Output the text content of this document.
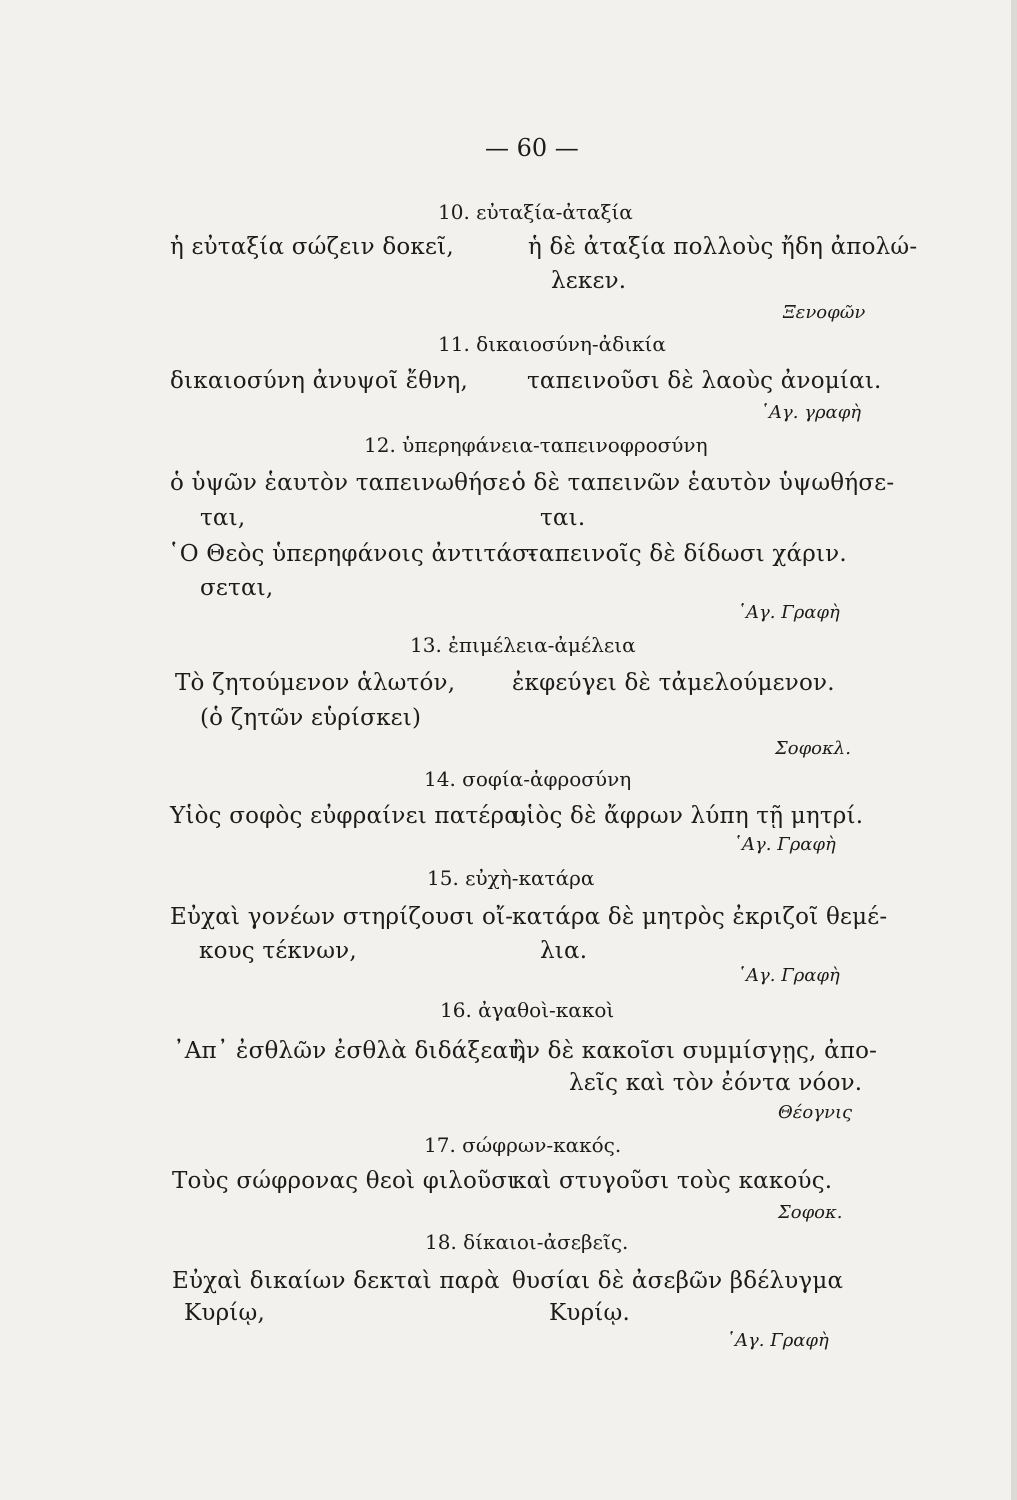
— 60 —
10. εὐταξία-ἀταξία
ἡ εὐταξία σώζειν δοκεῖ,	ἡ δὲ ἀταξία πολλοὺς ἤδη ἀπολώ-
λεκεν.
Ξενοφῶν
11. δικαιοσύνη-ἀδικία
δικαιοσύνη ἀνυψοῖ ἔθνη,	ταπεινοῦσι δὲ λαοὺς ἀνομίαι.
῾Αγ. γραφὴ
12. ὑπερηφάνεια-ταπεινοφροσύνη
ὁ ὑψῶν ἑαυτὸν ταπεινωθήσε·
ται,
῾Ο Θεὸς ὑπερηφάνοις ἀντιτάσ-
σεται,
ὁ δὲ ταπεινῶν ἑαυτὸν ὑψωθήσε-
ται.
ταπεινοῖς δὲ δίδωσι χάριν.
῾Αγ. Γραφὴ
13. ἐπιμέλεια-ἀμέλεια
Τὸ ζητούμενον ἁλωτόν,
(ὁ ζητῶν εὑρίσκει)
ἐκφεύγει δὲ τἀμελούμενον.
Σοφοκλ.
14. σοφία-ἀφροσύνη
Υἱὸς σοφὸς εὐφραίνει πατέρα,
υἱὸς δὲ ἄφρων λύπη τῇ μητρί.
῾Αγ. Γραφὴ
15. εὐχὴ-κατάρα
Εὐχαὶ γονέων στηρίζουσι οἴ-
κους τέκνων,
κατάρα δὲ μητρὸς ἐκριζοῖ θεμέ-
λια.
῾Αγ. Γραφὴ
16. ἀγαθοὶ-κακοὶ
᾿Απ᾽ ἐσθλῶν ἐσθλὰ διδάξεαι,
ἢν δὲ κακοῖσι συμμίσγῃς, ἀπο-
λεῖς καὶ τὸν ἐόντα νόον.
Θέογνις
17. σώφρων-κακός.
Τοὺς σώφρονας θεοὶ φιλοῦσι
καὶ στυγοῦσι τοὺς κακούς.
Σοφοκ.
18. δίκαιοι-ἀσεβεῖς.
Εὐχαὶ δικαίων δεκταὶ παρὰ
Κυρίῳ,
θυσίαι δὲ ἀσεβῶν βδέλυγμα
Κυρίῳ.
῾Αγ. Γραφὴ
